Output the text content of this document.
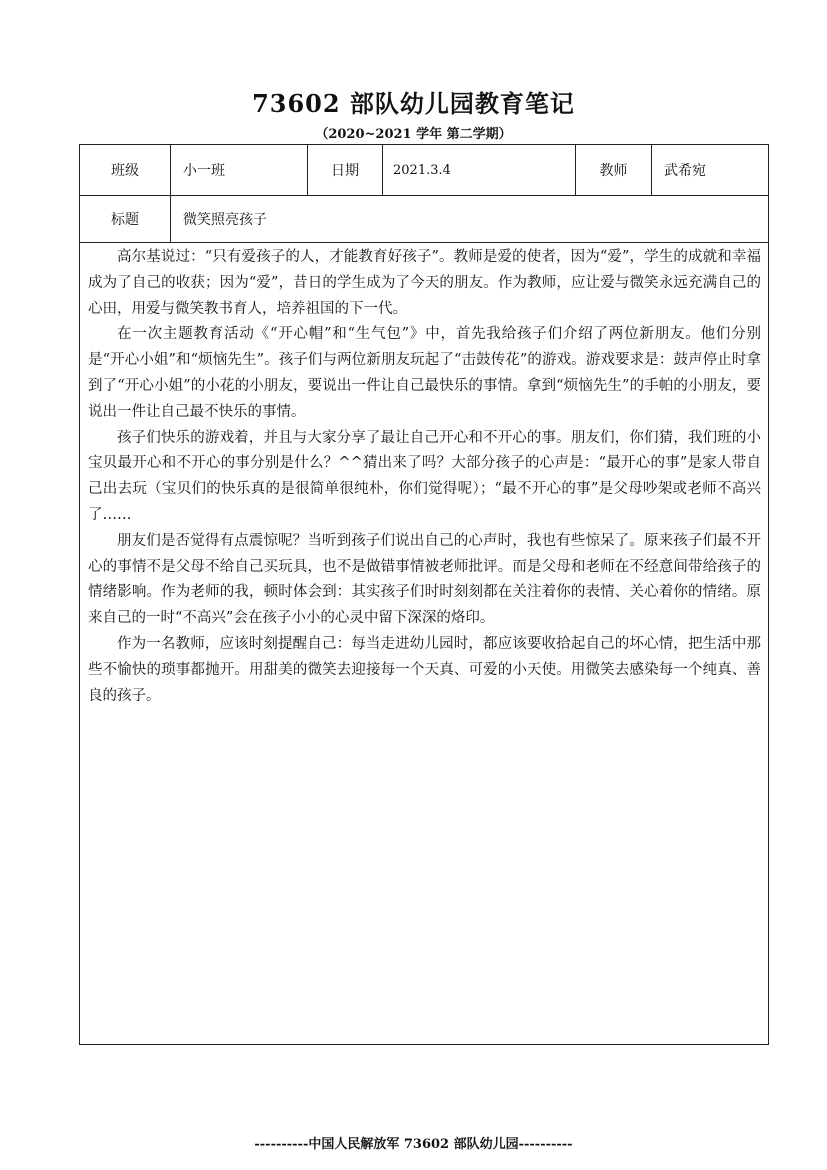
73602 部队幼儿园教育笔记
（2020~2021 学年 第二学期）
班级	小一班	日期	2021.3.4	教师	武希宛
标题	微笑照亮孩子				

高尔基说过：“只有爱孩子的人，才能教育好孩子”。教师是爱的使者，因为“爱”，学生的成就和幸福成为了自己的收获；因为“爱”，昔日的学生成为了今天的朋友。作为教师，应让爱与微笑永远充满自己的心田，用爱与微笑教书育人，培养祖国的下一代。

在一次主题教育活动《“开心帽”和“生气包”》中，首先我给孩子们介绍了两位新朋友。他们分别是“开心小姐”和“烦恼先生”。孩子们与两位新朋友玩起了“击鼓传花”的游戏。游戏要求是：鼓声停止时拿到了“开心小姐”的小花的小朋友，要说出一件让自己最快乐的事情。拿到“烦恼先生”的手帕的小朋友，要说出一件让自己最不快乐的事情。

孩子们快乐的游戏着，并且与大家分享了最让自己开心和不开心的事。朋友们，你们猜，我们班的小宝贝最开心和不开心的事分别是什么？^^猜出来了吗？大部分孩子的心声是：“最开心的事”是家人带自己出去玩（宝贝们的快乐真的是很简单很纯朴，你们觉得呢）；“最不开心的事”是父母吵架或老师不高兴了……

朋友们是否觉得有点震惊呢？当听到孩子们说出自己的心声时，我也有些惊呆了。原来孩子们最不开心的事情不是父母不给自己买玩具，也不是做错事情被老师批评。而是父母和老师在不经意间带给孩子的情绪影响。作为老师的我，顿时体会到：其实孩子们时时刻刻都在关注着你的表情、关心着你的情绪。原来自己的一时“不高兴”会在孩子小小的心灵中留下深深的烙印。

作为一名教师，应该时刻提醒自己：每当走进幼儿园时，都应该要收拾起自己的坏心情，把生活中那些不愉快的琐事都抛开。用甜美的微笑去迎接每一个天真、可爱的小天使。用微笑去感染每一个纯真、善良的孩子。					

----------中国人民解放军 73602 部队幼儿园----------
